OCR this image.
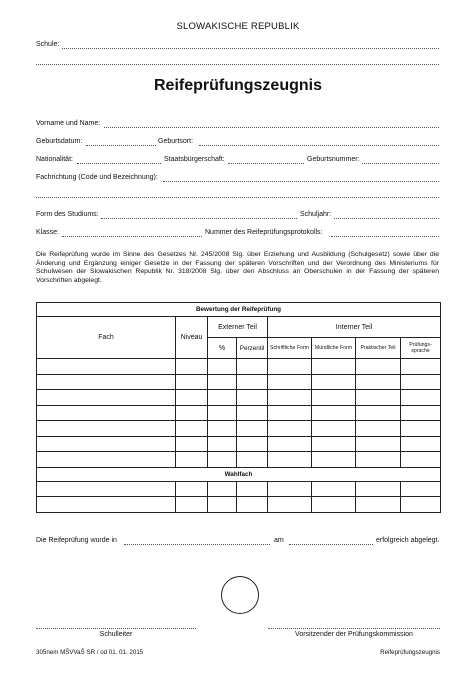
SLOWAKISCHE REPUBLIK
Schule:
Reifeprüfungszeugnis
Vorname und Name:
Geburtsdatum:	Geburtsort:
Nationalität:	Staatsbürgerschaft:	Geburtsnummer:
Fachrichtung (Code und Bezeichnung):
Form des Studiums:	Schuljahr:
Klasse:	Nummer des Reifeprüfungsprotokolls:
Die Reifeprüfung wurde im Sinne des Gesetzes Nr. 245/2008 Slg. über Erziehung und Ausbildung (Schulgesetz) sowie über die Änderung und Ergänzung einiger Gesetze in der Fassung der späteren Vorschriften und der Verordnung des Ministeriums für Schulwesen der Slowakischen Republik Nr. 318/2008 Slg. über den Abschluss an Oberschulen in der Fassung der späteren Vorschriften abgelegt.
Bewertung der Reifeprüfung							
Fach	Niveau	Externer Teil		Interner Teil			
		%	Perzentil	Schriftliche Form	Mündliche Form	Praktischer Teil	Prüfungs-sprache

Wahlfach							

Die Reifeprüfung wurde in	am	erfolgreich abgelegt.
Schulleiter	Vorsitzender der Prüfungskommission
305nem MŠVVaŠ SR / od 01. 01. 2015	Reifeprüfungszeugnis
